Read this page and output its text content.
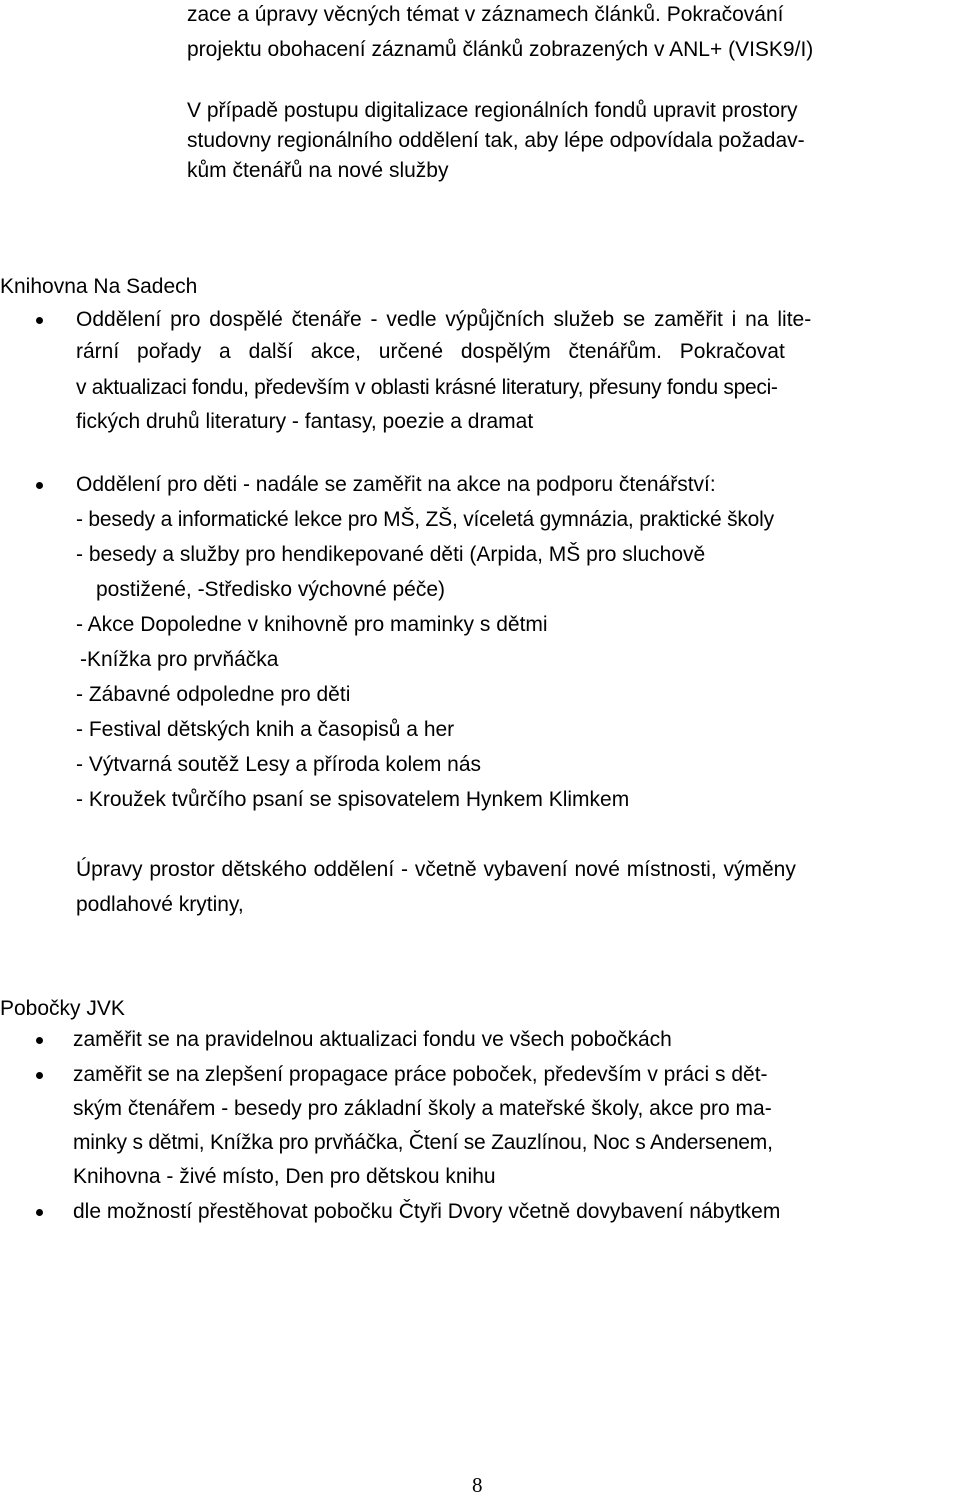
zace a úpravy věcných témat v záznamech článků. Pokračování
projektu obohacení záznamů článků zobrazených v ANL+ (VISK9/I)
V případě postupu digitalizace regionálních fondů upravit prostory
studovny regionálního oddělení tak, aby lépe odpovídala požadav-
kům čtenářů na nové služby
Knihovna Na Sadech
Oddělení pro dospělé čtenáře - vedle výpůjčních služeb se zaměřit i na lite-
rární pořady a další akce, určené dospělým čtenářům. Pokračovat
v aktualizaci fondu, především v oblasti krásné literatury, přesuny fondu speci-
fických druhů literatury - fantasy, poezie a dramat
Oddělení pro děti - nadále se zaměřit na akce na podporu čtenářství:
- besedy a informatické lekce pro MŠ, ZŠ, víceletá gymnázia, praktické školy
- besedy a služby pro hendikepované děti (Arpida, MŠ pro sluchově
postižené, -Středisko výchovné péče)
- Akce Dopoledne v knihovně pro maminky s dětmi
-Knížka pro prvňáčka
- Zábavné odpoledne pro děti
- Festival dětských knih a časopisů a her
- Výtvarná soutěž Lesy a příroda kolem nás
- Kroužek tvůrčího psaní se spisovatelem Hynkem Klimkem
Úpravy prostor dětského oddělení - včetně vybavení nové místnosti, výměny
podlahové krytiny,
Pobočky JVK
zaměřit se na pravidelnou aktualizaci fondu ve všech pobočkách
zaměřit se na zlepšení propagace práce poboček, především v práci s dět-
ským čtenářem - besedy pro základní školy a mateřské školy, akce pro ma-
minky s dětmi, Knížka pro prvňáčka, Čtení se Zauzlínou, Noc s Andersenem,
Knihovna - živé místo, Den pro dětskou knihu
dle možností přestěhovat pobočku Čtyři Dvory včetně dovybavení nábytkem
8
